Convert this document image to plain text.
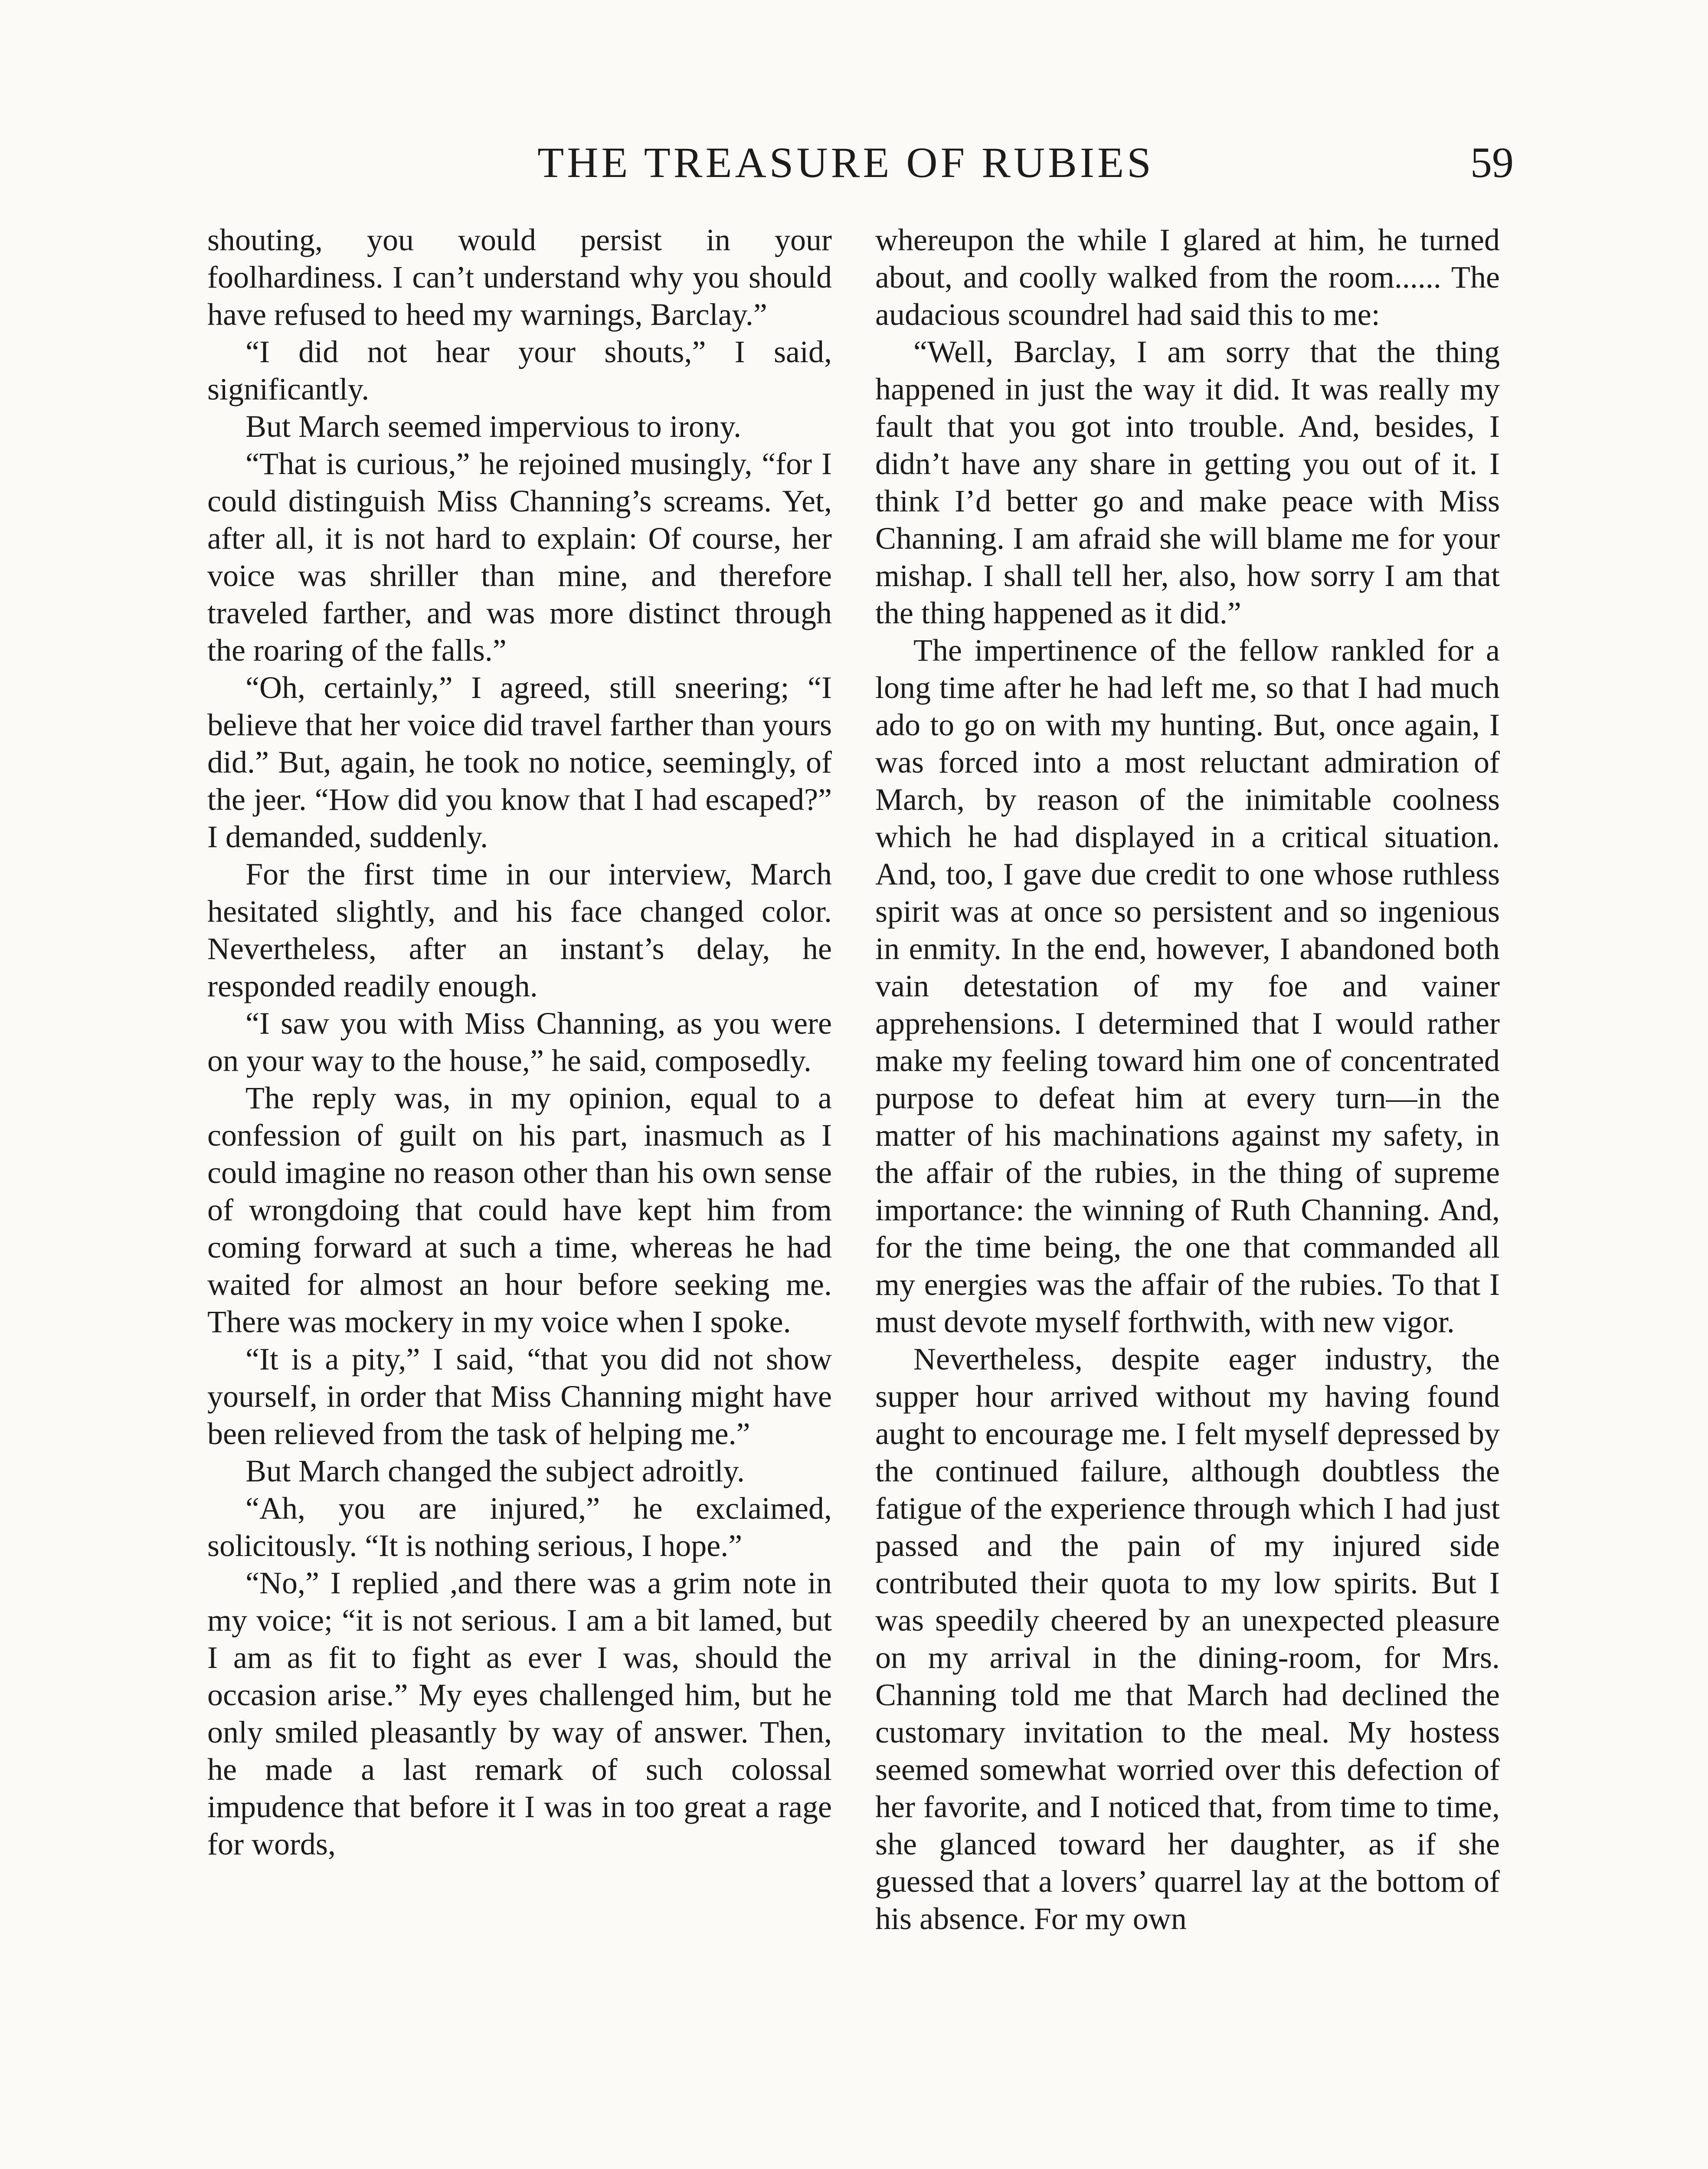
THE TREASURE OF RUBIES	59

shouting, you would persist in your foolhardiness. I can’t understand why you should have refused to heed my warnings, Barclay.”

“I did not hear your shouts,” I said, significantly.

But March seemed impervious to irony.

“That is curious,” he rejoined musingly, “for I could distinguish Miss Channing’s screams. Yet, after all, it is not hard to explain: Of course, her voice was shriller than mine, and therefore traveled farther, and was more distinct through the roaring of the falls.”

“Oh, certainly,” I agreed, still sneering; “I believe that her voice did travel farther than yours did.” But, again, he took no notice, seemingly, of the jeer. “How did you know that I had escaped?” I demanded, suddenly.

For the first time in our interview, March hesitated slightly, and his face changed color. Nevertheless, after an instant’s delay, he responded readily enough.

“I saw you with Miss Channing, as you were on your way to the house,” he said, composedly.

The reply was, in my opinion, equal to a confession of guilt on his part, inasmuch as I could imagine no reason other than his own sense of wrongdoing that could have kept him from coming forward at such a time, whereas he had waited for almost an hour before seeking me. There was mockery in my voice when I spoke.

“It is a pity,” I said, “that you did not show yourself, in order that Miss Channing might have been relieved from the task of helping me.”

But March changed the subject adroitly.

“Ah, you are injured,” he exclaimed, solicitously. “It is nothing serious, I hope.”

“No,” I replied ,and there was a grim note in my voice; “it is not serious. I am a bit lamed, but I am as fit to fight as ever I was, should the occasion arise.” My eyes challenged him, but he only smiled pleasantly by way of answer. Then, he made a last remark of such colossal impudence that before it I was in too great a rage for words,

whereupon the while I glared at him, he turned about, and coolly walked from the room...... The audacious scoundrel had said this to me:

“Well, Barclay, I am sorry that the thing happened in just the way it did. It was really my fault that you got into trouble. And, besides, I didn’t have any share in getting you out of it. I think I’d better go and make peace with Miss Channing. I am afraid she will blame me for your mishap. I shall tell her, also, how sorry I am that the thing happened as it did.”

The impertinence of the fellow rankled for a long time after he had left me, so that I had much ado to go on with my hunting. But, once again, I was forced into a most reluctant admiration of March, by reason of the inimitable coolness which he had displayed in a critical situation. And, too, I gave due credit to one whose ruthless spirit was at once so persistent and so ingenious in enmity. In the end, however, I abandoned both vain detestation of my foe and vainer apprehensions. I determined that I would rather make my feeling toward him one of concentrated purpose to defeat him at every turn—in the matter of his machinations against my safety, in the affair of the rubies, in the thing of supreme importance: the winning of Ruth Channing. And, for the time being, the one that commanded all my energies was the affair of the rubies. To that I must devote myself forthwith, with new vigor.

Nevertheless, despite eager industry, the supper hour arrived without my having found aught to encourage me. I felt myself depressed by the continued failure, although doubtless the fatigue of the experience through which I had just passed and the pain of my injured side contributed their quota to my low spirits. But I was speedily cheered by an unexpected pleasure on my arrival in the dining-room, for Mrs. Channing told me that March had declined the customary invitation to the meal. My hostess seemed somewhat worried over this defection of her favorite, and I noticed that, from time to time, she glanced toward her daughter, as if she guessed that a lovers’ quarrel lay at the bottom of his absence. For my own
